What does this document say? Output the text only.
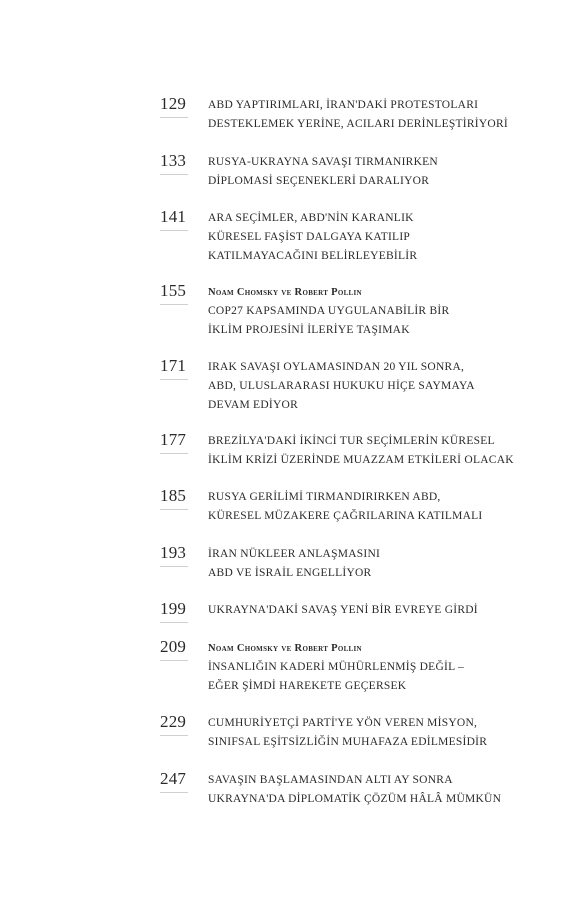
129	ABD YAPTIRIMLARI, İRAN'DAKİ PROTESTOLARI
DESTEKLEMEK YERİNE, ACILARI DERİNLEŞTİRİYORİ
133	RUSYA-UKRAYNA SAVAŞI TIRMANIRKEN
DİPLOMASİ SEÇENEKLERİ DARALIYOR
141	ARA SEÇİMLER, ABD'NİN KARANLIK
KÜRESEL FAŞİST DALGAYA KATILIP
KATILMAYACAĞINI BELİRLEYEBİLİR
155	Noam Chomsky ve Robert Pollin
COP27 KAPSAMINDA UYGULANABİLİR BİR
İKLİM PROJESİNİ İLERİYE TAŞIMAK
171	IRAK SAVAŞI OYLAMASINDAN 20 YIL SONRA,
ABD, ULUSLARARASI HUKUKU HİÇE SAYMAYA
DEVAM EDİYOR
177	BREZİLYA'DAKİ İKİNCİ TUR SEÇİMLERİN KÜRESEL
İKLİM KRİZİ ÜZERİNDE MUAZZAM ETKİLERİ OLACAK
185	RUSYA GERİLİMİ TIRMANDIRIRKEN ABD,
KÜRESEL MÜZAKERE ÇAĞRILARINA KATILMALI
193	İRAN NÜKLEER ANLAŞMASINI
ABD VE İSRAİL ENGELLİYOR
199	UKRAYNA'DAKİ SAVAŞ YENİ BİR EVREYE GİRDİ
209	Noam Chomsky ve Robert Pollin
İNSANLIĞIN KADERİ MÜHÜRLENMİŞ DEĞİL –
EĞER ŞİMDİ HAREKETE GEÇERSEK
229	CUMHURİYETÇİ PARTİ'YE YÖN VEREN MİSYON,
SINIFSAL EŞİTSİZLİĞİN MUHAFAZA EDİLMESİDİR
247	SAVAŞIN BAŞLAMASINDAN ALTI AY SONRA
UKRAYNA'DA DİPLOMATİK ÇÖZÜM HÂLÂ MÜMKÜN
